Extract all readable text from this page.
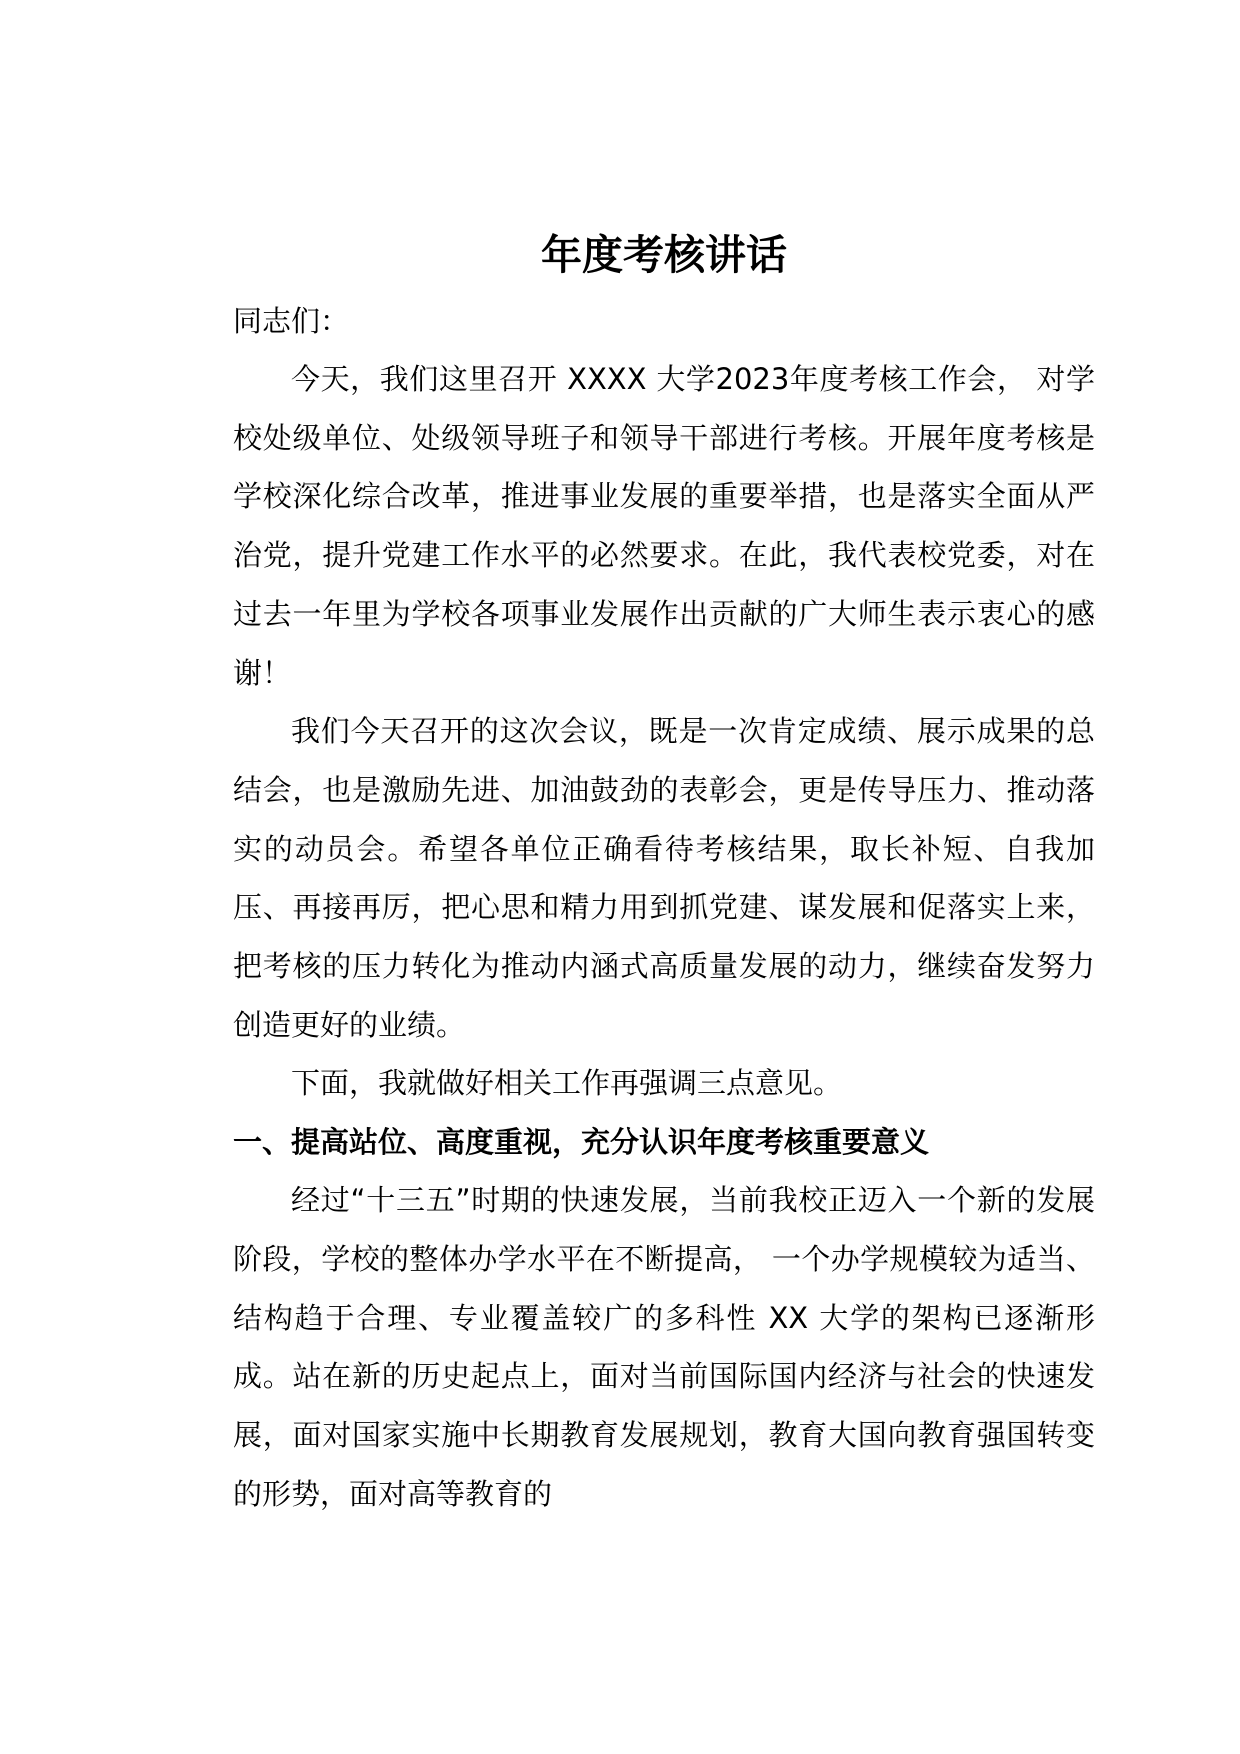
年度考核讲话
同志们：
今天，我们这里召开 XXXX 大学2023年度考核工作会， 对学校处级单位、处级领导班子和领导干部进行考核。开展年度考核是学校深化综合改革，推进事业发展的重要举措，也是落实全面从严治党，提升党建工作水平的必然要求。在此，我代表校党委，对在过去一年里为学校各项事业发展作出贡献的广大师生表示衷心的感谢！
我们今天召开的这次会议，既是一次肯定成绩、展示成果的总结会，也是激励先进、加油鼓劲的表彰会，更是传导压力、推动落实的动员会。希望各单位正确看待考核结果，取长补短、自我加压、再接再厉，把心思和精力用到抓党建、谋发展和促落实上来，把考核的压力转化为推动内涵式高质量发展的动力，继续奋发努力创造更好的业绩。
下面，我就做好相关工作再强调三点意见。
一、提高站位、高度重视，充分认识年度考核重要意义
经过“十三五”时期的快速发展，当前我校正迈入一个新的发展阶段，学校的整体办学水平在不断提高， 一个办学规模较为适当、结构趋于合理、专业覆盖较广的多科性 XX 大学的架构已逐渐形成。站在新的历史起点上，面对当前国际国内经济与社会的快速发展，面对国家实施中长期教育发展规划，教育大国向教育强国转变的形势，面对高等教育的
